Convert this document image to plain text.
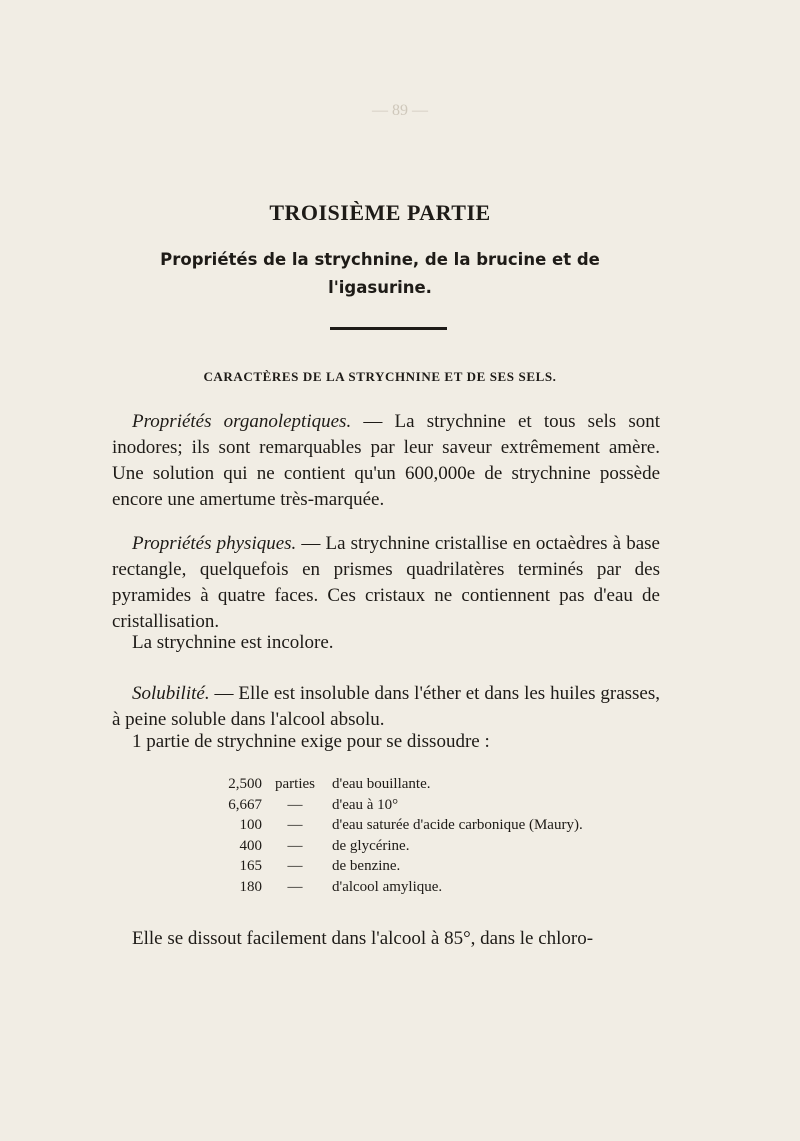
— 89 —
TROISIÈME PARTIE
Propriétés de la strychnine, de la brucine et de l'igasurine.
CARACTÈRES DE LA STRYCHNINE ET DE SES SELS.
Propriétés organoleptiques. — La strychnine et tous sels sont inodores; ils sont remarquables par leur saveur extrêmement amère. Une solution qui ne contient qu'un 600,000e de strychnine possède encore une amertume très-marquée.
Propriétés physiques. — La strychnine cristallise en octaèdres à base rectangle, quelquefois en prismes quadrilatères terminés par des pyramides à quatre faces. Ces cristaux ne contiennent pas d'eau de cristallisation.
La strychnine est incolore.
Solubilité. — Elle est insoluble dans l'éther et dans les huiles grasses, à peine soluble dans l'alcool absolu.
1 partie de strychnine exige pour se dissoudre :
2,500 parties	d'eau bouillante.
6,667	—	d'eau à 10°
100	—	d'eau saturée d'acide carbonique (Maury).
400	—	de glycérine.
165	—	de benzine.
180	—	d'alcool amylique.
Elle se dissout facilement dans l'alcool à 85°, dans le chloro-
